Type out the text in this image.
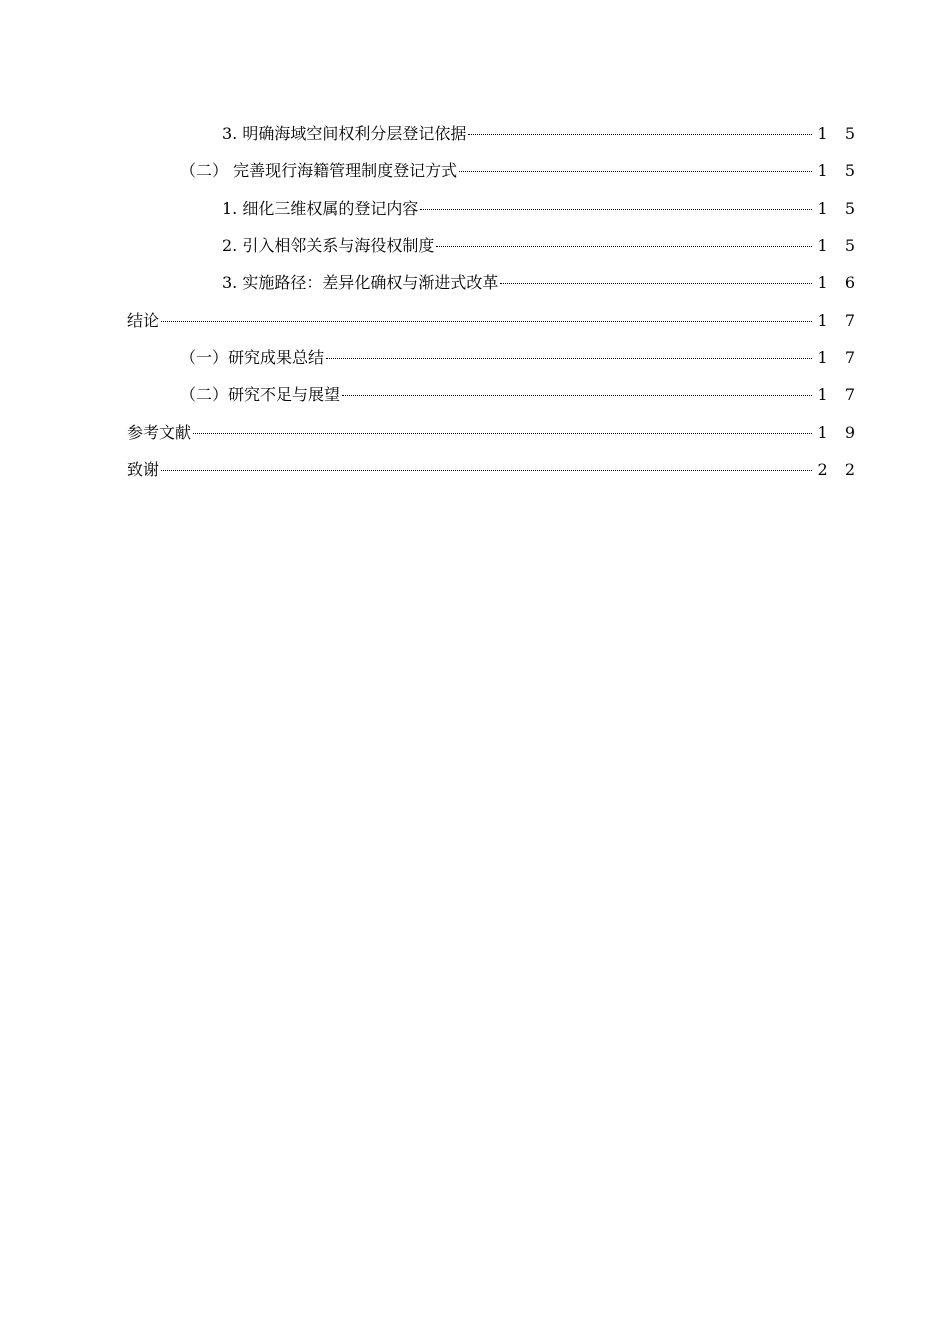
3. 明确海域空间权利分层登记依据	1 5
（二） 完善现行海籍管理制度登记方式	1 5
1. 细化三维权属的登记内容	1 5
2. 引入相邻关系与海役权制度	1 5
3. 实施路径：差异化确权与渐进式改革	1 6
结论	1 7
（一）研究成果总结	1 7
（二）研究不足与展望	1 7
参考文献	1 9
致谢	2 2
